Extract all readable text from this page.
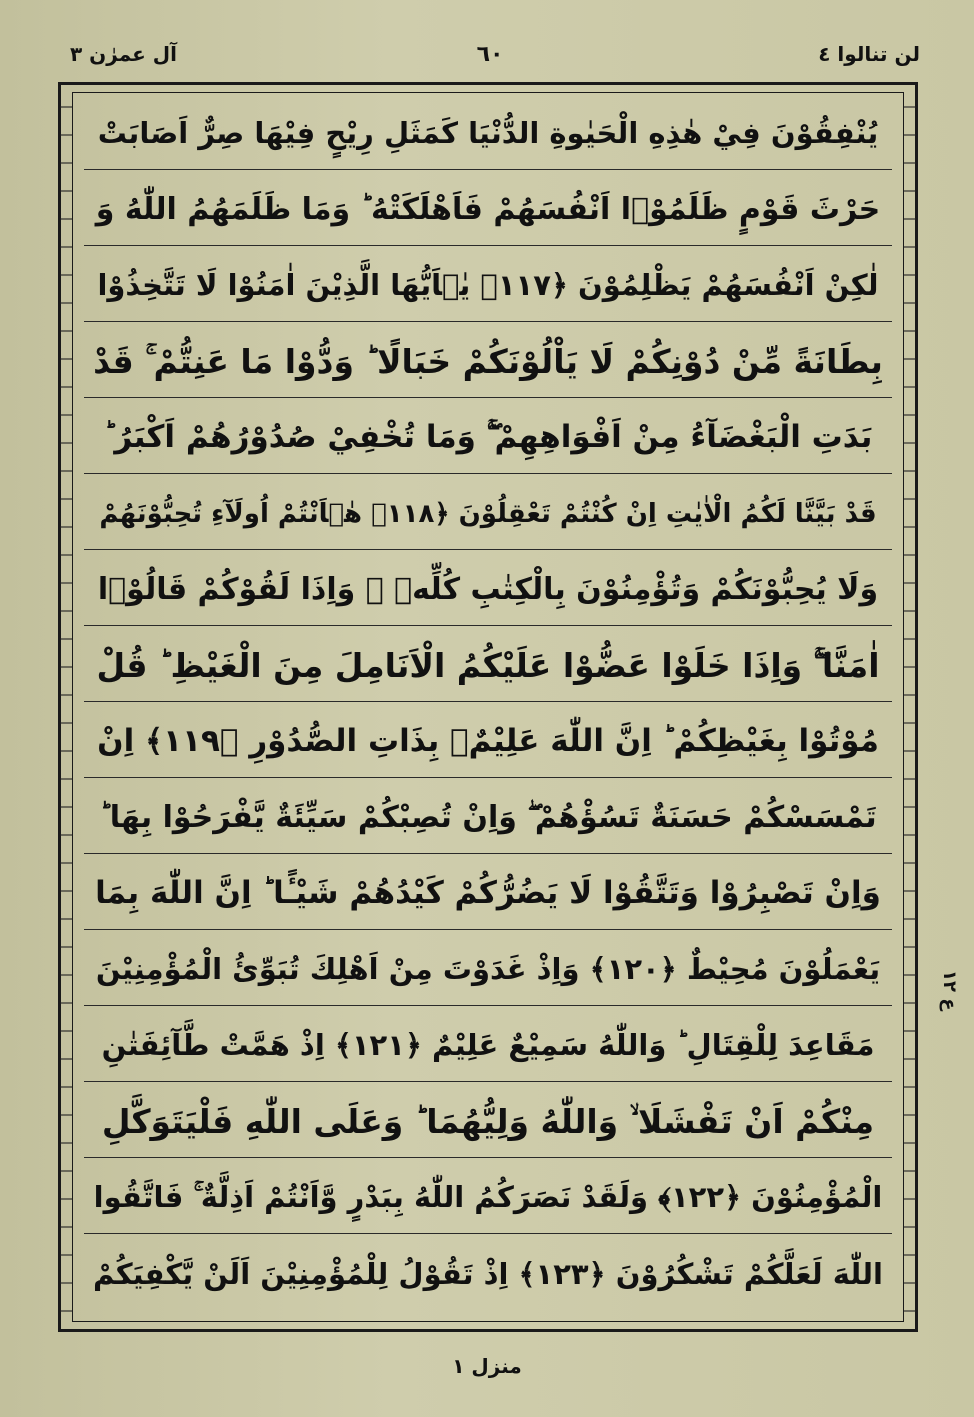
آل عمرٰن ٣	٦٠	لن تنالوا ٤
يُنْفِقُوْنَ فِيْ هٰذِهِ الْحَيٰوةِ الدُّنْيَا كَمَثَلِ رِيْحٍ فِيْهَا صِرٌّ اَصَابَتْ
حَرْثَ قَوْمٍ ظَلَمُوْۤا اَنْفُسَهُمْ فَاَهْلَكَتْهُ ؕ وَمَا ظَلَمَهُمُ اللّٰهُ وَ
لٰكِنْ اَنْفُسَهُمْ يَظْلِمُوْنَ ﴿١١٧﴾ يٰۤاَيُّهَا الَّذِيْنَ اٰمَنُوْا لَا تَتَّخِذُوْا
بِطَانَةً مِّنْ دُوْنِكُمْ لَا يَاْلُوْنَكُمْ خَبَالًا ؕ وَدُّوْا مَا عَنِتُّمْ ۚ قَدْ
بَدَتِ الْبَغْضَآءُ مِنْ اَفْوَاهِهِمْ ۖۚ وَمَا تُخْفِيْ صُدُوْرُهُمْ اَكْبَرُ ؕ
قَدْ بَيَّنَّا لَكُمُ الْاٰيٰتِ اِنْ كُنْتُمْ تَعْقِلُوْنَ ﴿١١٨﴾ هٰۤاَنْتُمْ اُولَآءِ تُحِبُّوْنَهُمْ
وَلَا يُحِبُّوْنَكُمْ وَتُؤْمِنُوْنَ بِالْكِتٰبِ كُلِّهٖ ۚ وَاِذَا لَقُوْكُمْ قَالُوْۤا
اٰمَنَّا ۖۚ وَاِذَا خَلَوْا عَضُّوْا عَلَيْكُمُ الْاَنَامِلَ مِنَ الْغَيْظِ ؕ قُلْ
مُوْتُوْا بِغَيْظِكُمْ ؕ اِنَّ اللّٰهَ عَلِيْمٌۢ بِذَاتِ الصُّدُوْرِ ﴿١١٩﴾ اِنْ
تَمْسَسْكُمْ حَسَنَةٌ تَسُؤْهُمْ ۖ وَاِنْ تُصِبْكُمْ سَيِّئَةٌ يَّفْرَحُوْا بِهَا ؕ
وَاِنْ تَصْبِرُوْا وَتَتَّقُوْا لَا يَضُرُّكُمْ كَيْدُهُمْ شَيْـًٔا ؕ اِنَّ اللّٰهَ بِمَا
يَعْمَلُوْنَ مُحِيْطٌ ﴿١٢٠﴾ وَاِذْ غَدَوْتَ مِنْ اَهْلِكَ تُبَوِّئُ الْمُؤْمِنِيْنَ
مَقَاعِدَ لِلْقِتَالِ ؕ وَاللّٰهُ سَمِيْعٌ عَلِيْمٌ ﴿١٢١﴾ اِذْ هَمَّتْ طَّآئِفَتٰنِ
مِنْكُمْ اَنْ تَفْشَلَا ۙ وَاللّٰهُ وَلِيُّهُمَا ؕ وَعَلَى اللّٰهِ فَلْيَتَوَكَّلِ
الْمُؤْمِنُوْنَ ﴿١٢٢﴾ وَلَقَدْ نَصَرَكُمُ اللّٰهُ بِبَدْرٍ وَّاَنْتُمْ اَذِلَّةٌ ۚ فَاتَّقُوا
اللّٰهَ لَعَلَّكُمْ تَشْكُرُوْنَ ﴿١٢٣﴾ اِذْ تَقُوْلُ لِلْمُؤْمِنِيْنَ اَلَنْ يَّكْفِيَكُمْ
ع ١٢
منزل ١
